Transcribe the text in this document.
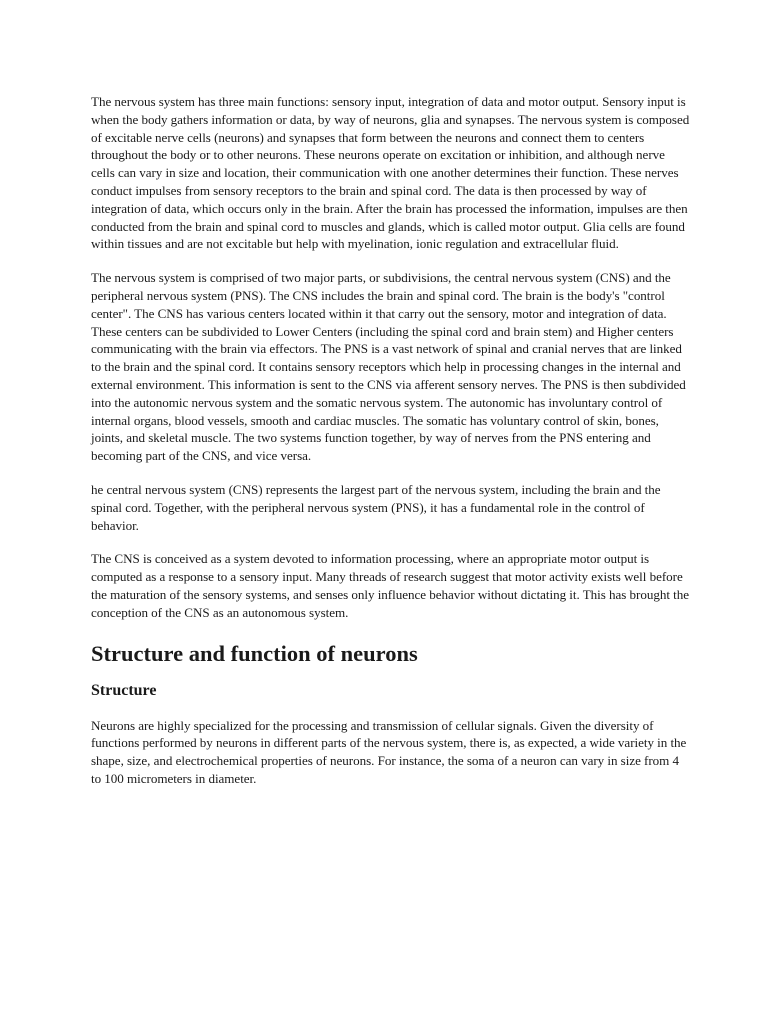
The nervous system has three main functions: sensory input, integration of data and motor output. Sensory input is when the body gathers information or data, by way of neurons, glia and synapses. The nervous system is composed of excitable nerve cells (neurons) and synapses that form between the neurons and connect them to centers throughout the body or to other neurons. These neurons operate on excitation or inhibition, and although nerve cells can vary in size and location, their communication with one another determines their function. These nerves conduct impulses from sensory receptors to the brain and spinal cord. The data is then processed by way of integration of data, which occurs only in the brain. After the brain has processed the information, impulses are then conducted from the brain and spinal cord to muscles and glands, which is called motor output. Glia cells are found within tissues and are not excitable but help with myelination, ionic regulation and extracellular fluid.

The nervous system is comprised of two major parts, or subdivisions, the central nervous system (CNS) and the peripheral nervous system (PNS). The CNS includes the brain and spinal cord. The brain is the body's "control center". The CNS has various centers located within it that carry out the sensory, motor and integration of data. These centers can be subdivided to Lower Centers (including the spinal cord and brain stem) and Higher centers communicating with the brain via effectors. The PNS is a vast network of spinal and cranial nerves that are linked to the brain and the spinal cord. It contains sensory receptors which help in processing changes in the internal and external environment. This information is sent to the CNS via afferent sensory nerves. The PNS is then subdivided into the autonomic nervous system and the somatic nervous system. The autonomic has involuntary control of internal organs, blood vessels, smooth and cardiac muscles. The somatic has voluntary control of skin, bones, joints, and skeletal muscle. The two systems function together, by way of nerves from the PNS entering and becoming part of the CNS, and vice versa.

he central nervous system (CNS) represents the largest part of the nervous system, including the brain and the spinal cord. Together, with the peripheral nervous system (PNS), it has a fundamental role in the control of behavior.

The CNS is conceived as a system devoted to information processing, where an appropriate motor output is computed as a response to a sensory input. Many threads of research suggest that motor activity exists well before the maturation of the sensory systems, and senses only influence behavior without dictating it. This has brought the conception of the CNS as an autonomous system.

Structure and function of neurons
Structure

Neurons are highly specialized for the processing and transmission of cellular signals. Given the diversity of functions performed by neurons in different parts of the nervous system, there is, as expected, a wide variety in the shape, size, and electrochemical properties of neurons. For instance, the soma of a neuron can vary in size from 4 to 100 micrometers in diameter.
